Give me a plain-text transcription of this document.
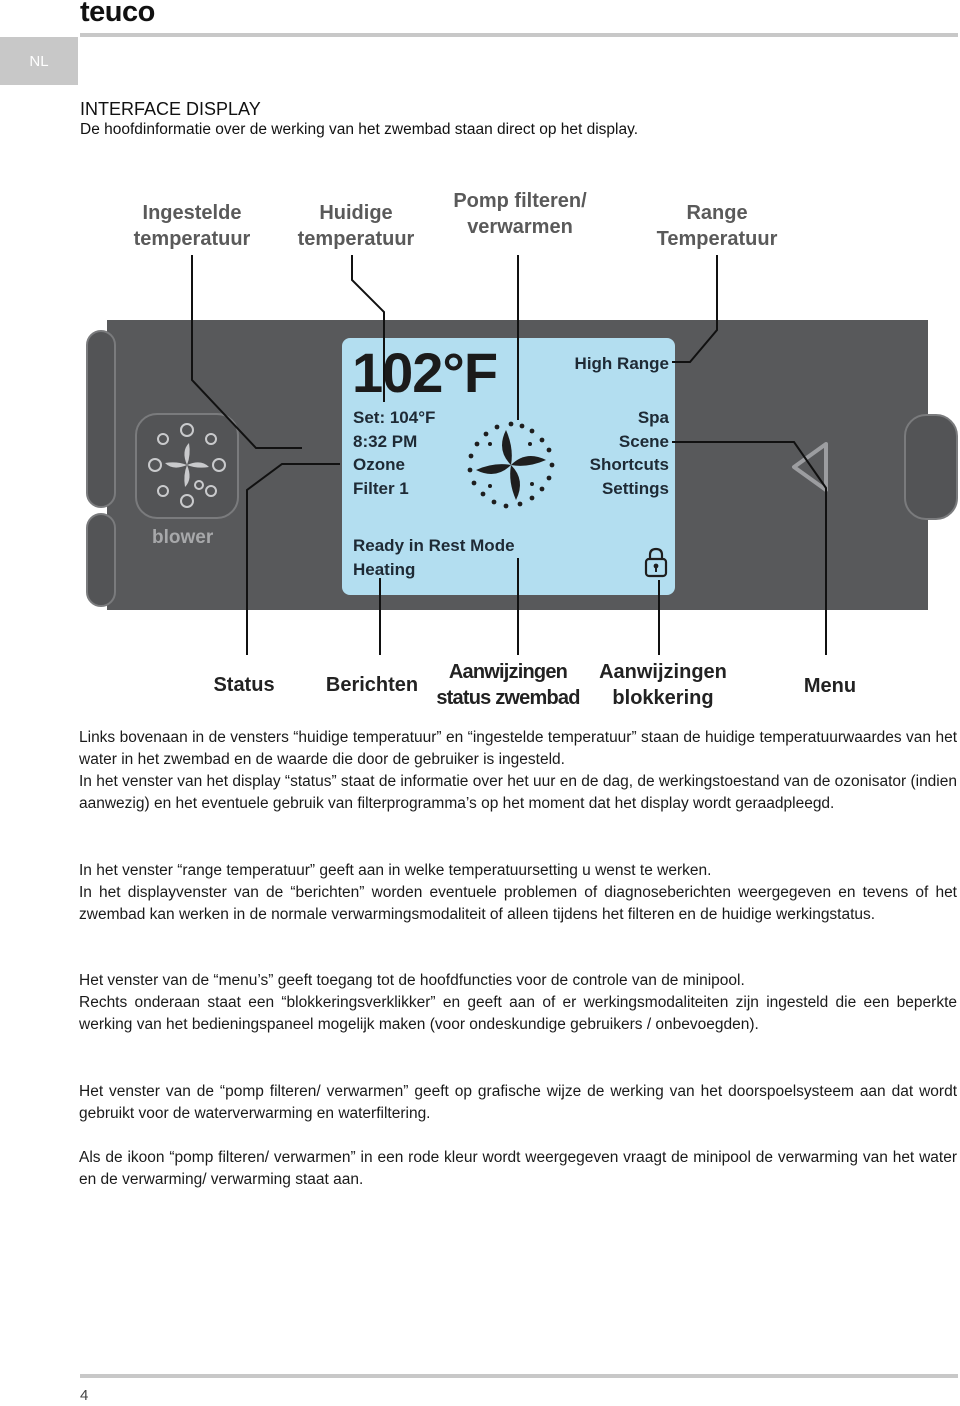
teuco
NL
INTERFACE DISPLAY
De hoofdinformatie over de werking van het zwembad staan direct op het display.
Ingestelde
temperatuur
Huidige
temperatuur
Pomp filteren/
verwarmen
Range
Temperatuur
blower
102°F	High Range
Set: 104°F
8:32 PM
Ozone
Filter 1
Spa
Scene
Shortcuts
Settings
Ready in Rest Mode
Heating
Status	Berichten
Aanwijzingen
status zwembad
Aanwijzingen
blokkering
Menu

Links bovenaan in de vensters “huidige temperatuur” en “ingestelde temperatuur” staan de huidige temperatuurwaardes van het water in het zwembad en de waarde die door de gebruiker is ingesteld.

In het venster van het display “status” staat de informatie over het uur en de dag, de werkingstoestand van de ozonisator (indien aanwezig) en het eventuele gebruik van filterprogramma’s op het moment dat het display wordt geraadpleegd.

In het venster “range temperatuur” geeft aan in welke temperatuursetting u wenst te werken.

In het displayvenster van de “berichten” worden eventuele problemen of diagnoseberichten weergegeven en tevens of het zwembad kan werken in de normale verwarmingsmodaliteit of alleen tijdens het filteren en de huidige werkingstatus.

Het venster van de “menu’s” geeft toegang tot de hoofdfuncties voor de controle van de minipool.

Rechts onderaan staat een “blokkeringsverklikker” en geeft aan of er werkingsmodaliteiten zijn ingesteld die een beperkte werking van het bedieningspaneel mogelijk maken (voor ondeskundige gebruikers / onbevoegden).

Het venster van de “pomp filteren/ verwarmen” geeft op grafische wijze de werking van het doorspoelsysteem aan dat wordt gebruikt voor de waterverwarming en waterfiltering.

Als de ikoon “pomp filteren/ verwarmen” in een rode kleur wordt weergegeven vraagt de minipool de verwarming van het water en de verwarming/ verwarming staat aan.

4
